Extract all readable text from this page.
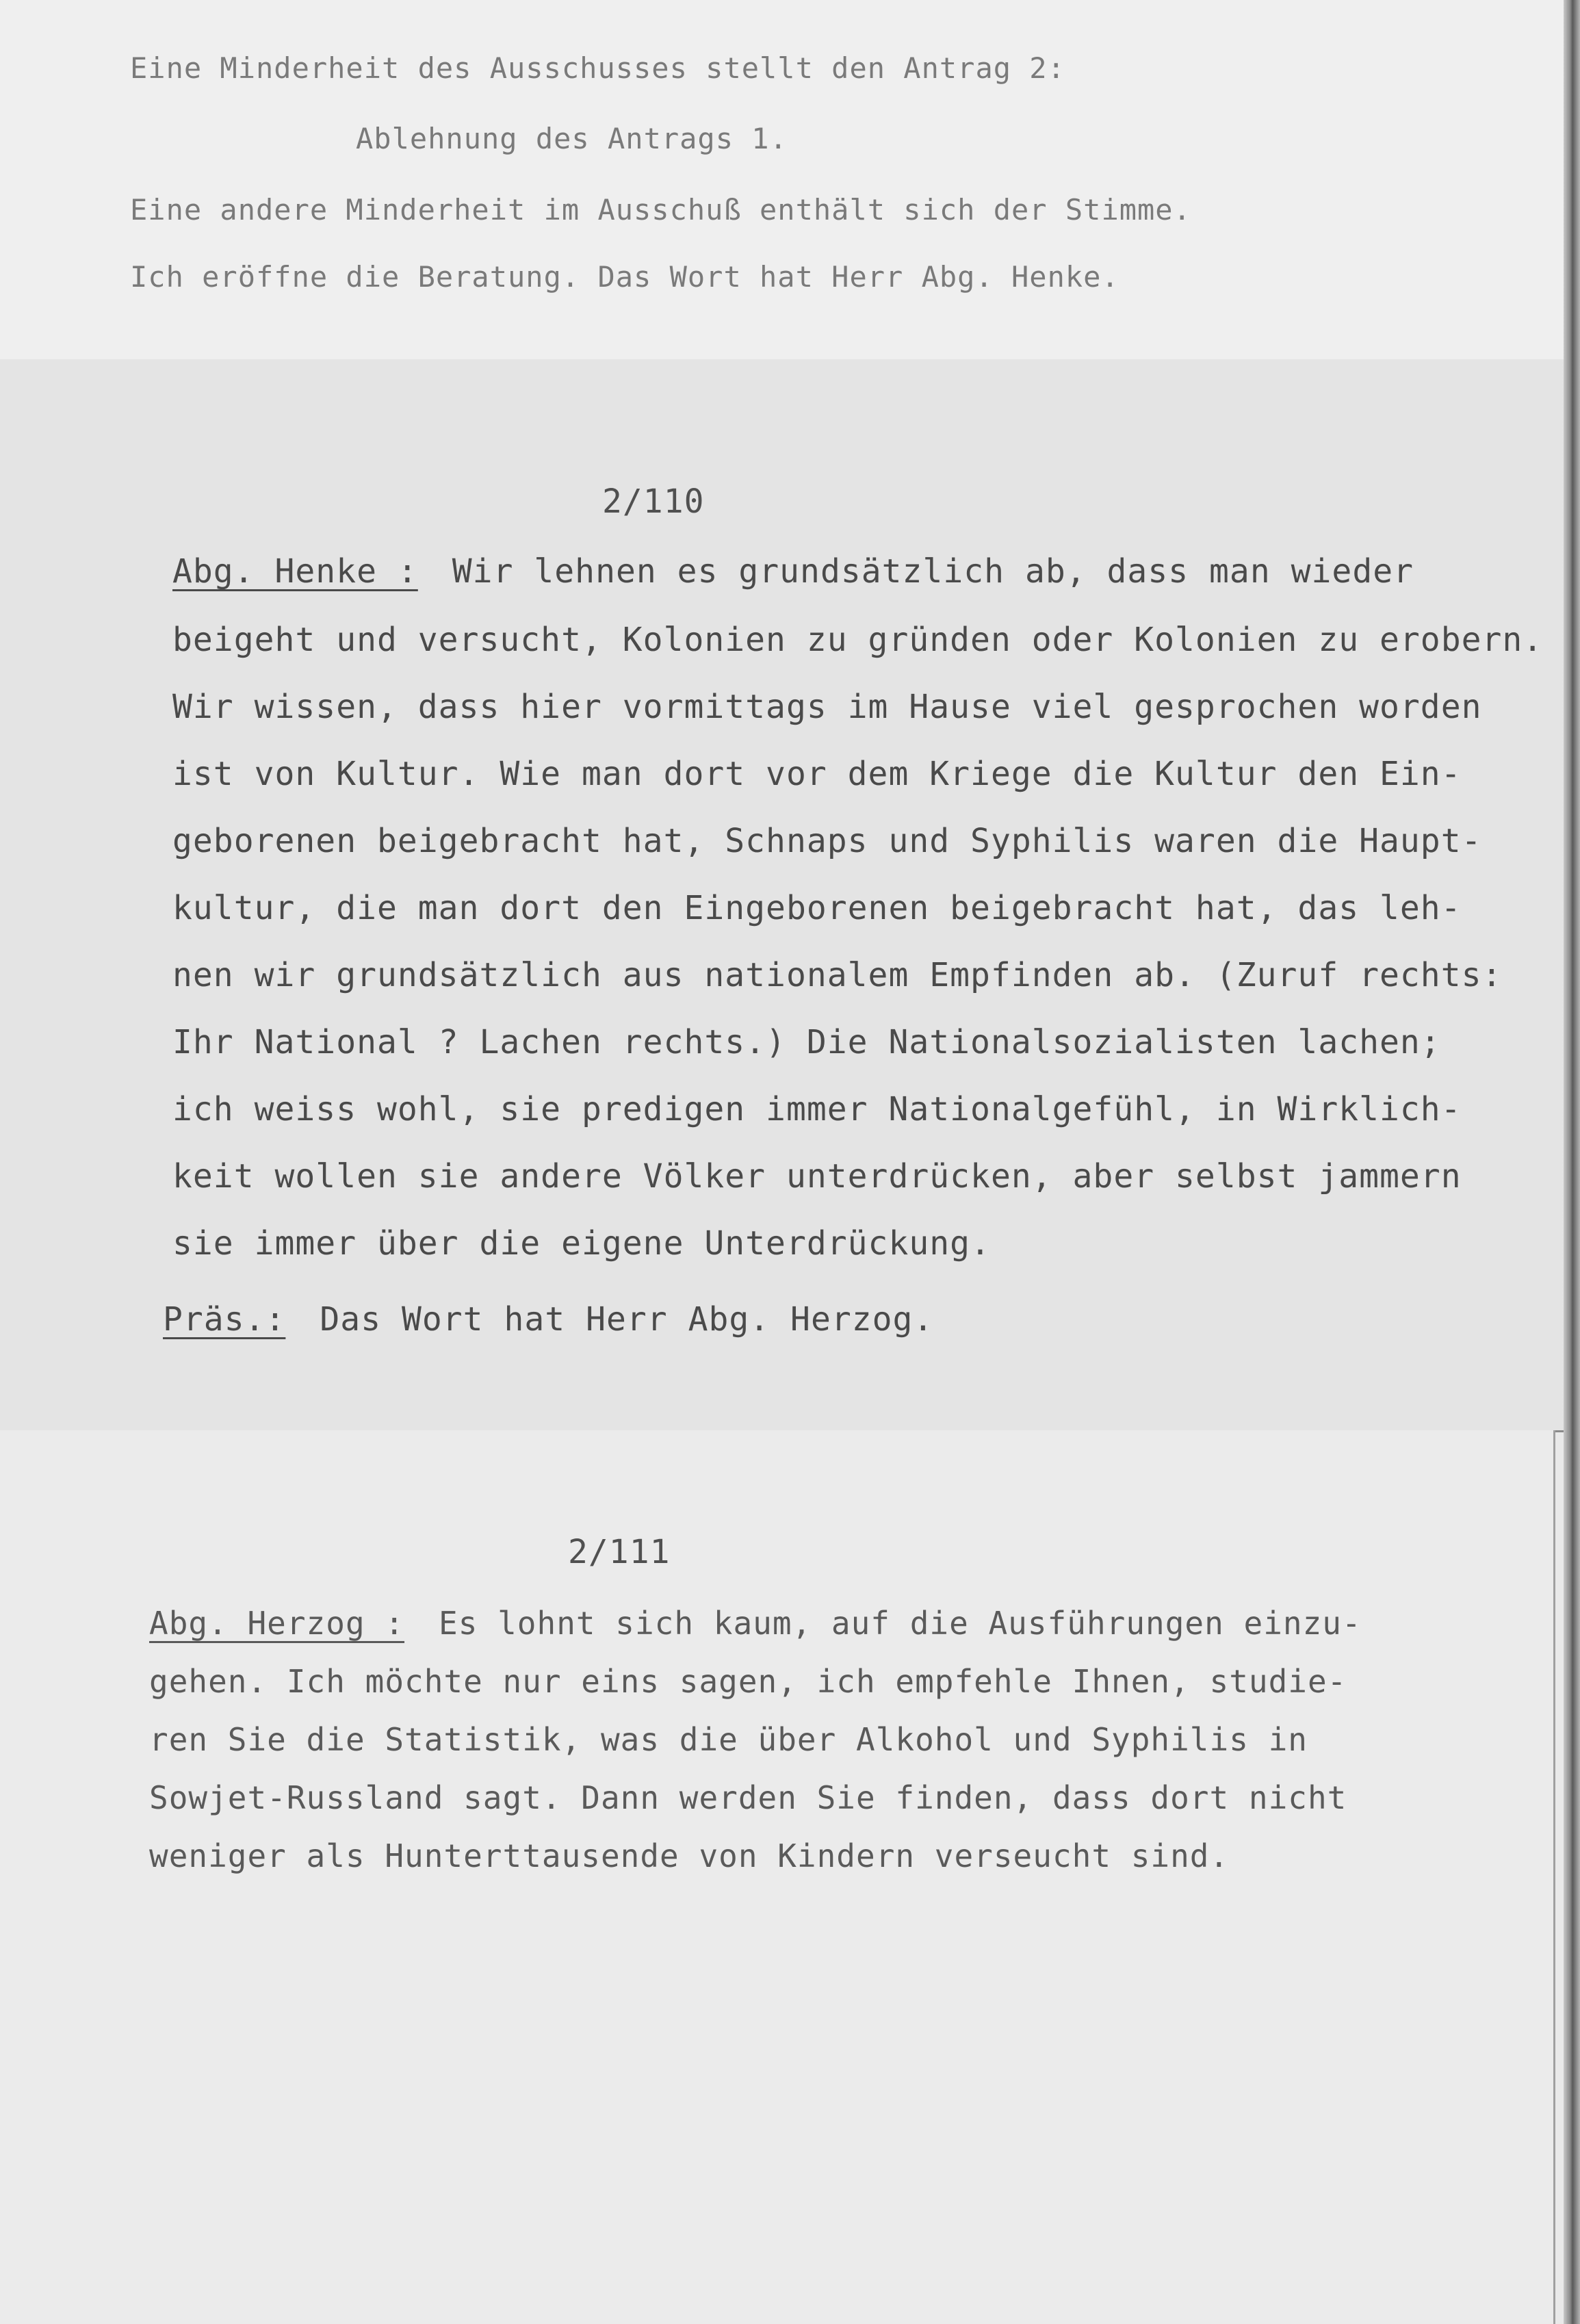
Eine Minderheit des Ausschusses stellt den Antrag 2:
Ablehnung des Antrags 1.
Eine andere Minderheit im Ausschuß enthält sich der Stimme.
Ich eröffne die Beratung. Das Wort hat Herr Abg. Henke.
2/110
Abg. Henke : Wir lehnen es grundsätzlich ab, dass man wieder
beigeht und versucht, Kolonien zu gründen oder Kolonien zu erobern.
Wir wissen, dass hier vormittags im Hause viel gesprochen worden
ist von Kultur. Wie man dort vor dem Kriege die Kultur den Ein-
geborenen beigebracht hat, Schnaps und Syphilis waren die Haupt-
kultur, die man dort den Eingeborenen beigebracht hat, das leh-
nen wir grundsätzlich aus nationalem Empfinden ab. (Zuruf rechts:
Ihr National ? Lachen rechts.) Die Nationalsozialisten lachen;
ich weiss wohl, sie predigen immer Nationalgefühl, in Wirklich-
keit wollen sie andere Völker unterdrücken, aber selbst jammern
sie immer über die eigene Unterdrückung.
Präs.: Das Wort hat Herr Abg. Herzog.
2/111
Abg. Herzog : Es lohnt sich kaum, auf die Ausführungen einzu-
gehen. Ich möchte nur eins sagen, ich empfehle Ihnen, studie-
ren Sie die Statistik, was die über Alkohol und Syphilis in
Sowjet-Russland sagt. Dann werden Sie finden, dass dort nicht
weniger als Hunterttausende von Kindern verseucht sind.
